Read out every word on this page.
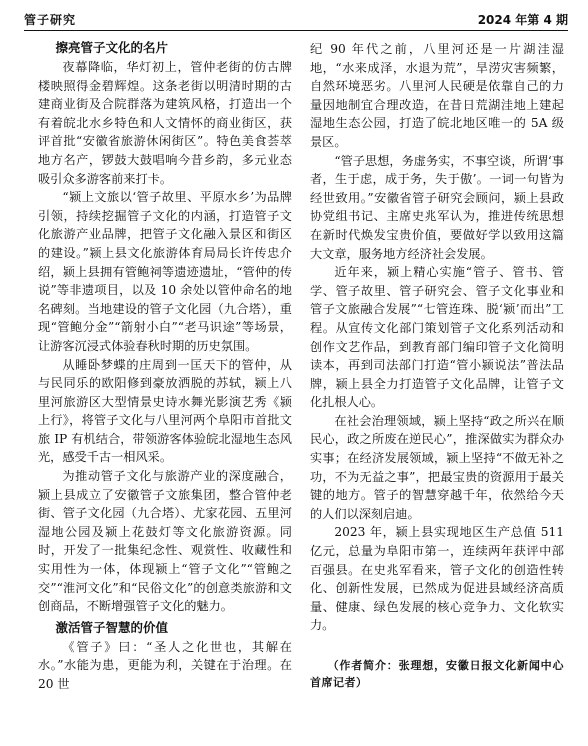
管子研究	2024 年第 4 期
擦亮管子文化的名片

夜幕降临，华灯初上，管仲老街的仿古牌楼映照得金碧辉煌。这条老街以明清时期的古建商业街及合院群落为建筑风格，打造出一个有着皖北水乡特色和人文情怀的商业街区，获评首批“安徽省旅游休闲街区”。特色美食荟萃地方名产，锣鼓大鼓唱响今昔乡韵，多元业态吸引众多游客前来打卡。

“颍上文旅以‘管子故里、平原水乡’为品牌引领，持续挖掘管子文化的内涵，打造管子文化旅游产业品牌，把管子文化融入景区和街区的建设。”颍上县文化旅游体育局局长许传忠介绍，颍上县拥有管鲍祠等遗迹遗址，“管仲的传说”等非遗项目，以及 10 余处以管仲命名的地名碑刻。当地建设的管子文化园（九合塔），重现“管鲍分金”“箭射小白”“老马识途”等场景，让游客沉浸式体验春秋时期的历史氛围。

从睡卧梦蝶的庄周到一匡天下的管仲，从与民同乐的欧阳修到豪放洒脱的苏轼，颍上八里河旅游区大型情景史诗水舞光影演艺秀《颍上行》，将管子文化与八里河两个阜阳市首批文旅 IP 有机结合，带领游客体验皖北湿地生态风光，感受千古一相风采。

为推动管子文化与旅游产业的深度融合，颍上县成立了安徽管子文旅集团，整合管仲老街、管子文化园（九合塔）、尤家花园、五里河湿地公园及颍上花鼓灯等文化旅游资源。同时，开发了一批集纪念性、观赏性、收藏性和实用性为一体，体现颍上“管子文化”“管鲍之交”“淮河文化”和“民俗文化”的创意类旅游和文创商品，不断增强管子文化的魅力。

激活管子智慧的价值

《管子》曰：“圣人之化世也，其解在水。”水能为患，更能为利，关键在于治理。在 20 世

纪 90 年代之前，八里河还是一片湖洼湿地，“水来成泽，水退为荒”，旱涝灾害频繁，自然环境恶劣。八里河人民硬是依靠自己的力量因地制宜合理改造，在昔日荒湖洼地上建起湿地生态公园，打造了皖北地区唯一的 5A 级景区。

“管子思想，务虚务实，不事空谈，所谓‘事者，生于虑，成于务，失于傲’。一词一句皆为经世致用。”安徽省管子研究会顾问，颍上县政协党组书记、主席史兆军认为，推进传统思想在新时代焕发宝贵价值，要做好学以致用这篇大文章，服务地方经济社会发展。

近年来，颍上精心实施“管子、管书、管学、管子故里、管子研究会、管子文化事业和管子文旅融合发展”“七管连珠、脱‘颍’而出”工程。从宣传文化部门策划管子文化系列活动和创作文艺作品，到教育部门编印管子文化简明读本，再到司法部门打造“管小颍说法”普法品牌，颍上县全力打造管子文化品牌，让管子文化扎根人心。

在社会治理领域，颍上坚持“政之所兴在顺民心，政之所废在逆民心”，推深做实为群众办实事；在经济发展领域，颍上坚持“不做无补之功，不为无益之事”，把最宝贵的资源用于最关键的地方。管子的智慧穿越千年，依然给今天的人们以深刻启迪。

2023 年，颍上县实现地区生产总值 511 亿元，总量为阜阳市第一，连续两年获评中部百强县。在史兆军看来，管子文化的创造性转化、创新性发展，已然成为促进县域经济高质量、健康、绿色发展的核心竞争力、文化软实力。

（作者简介：张理想，安徽日报文化新闻中心首席记者）
